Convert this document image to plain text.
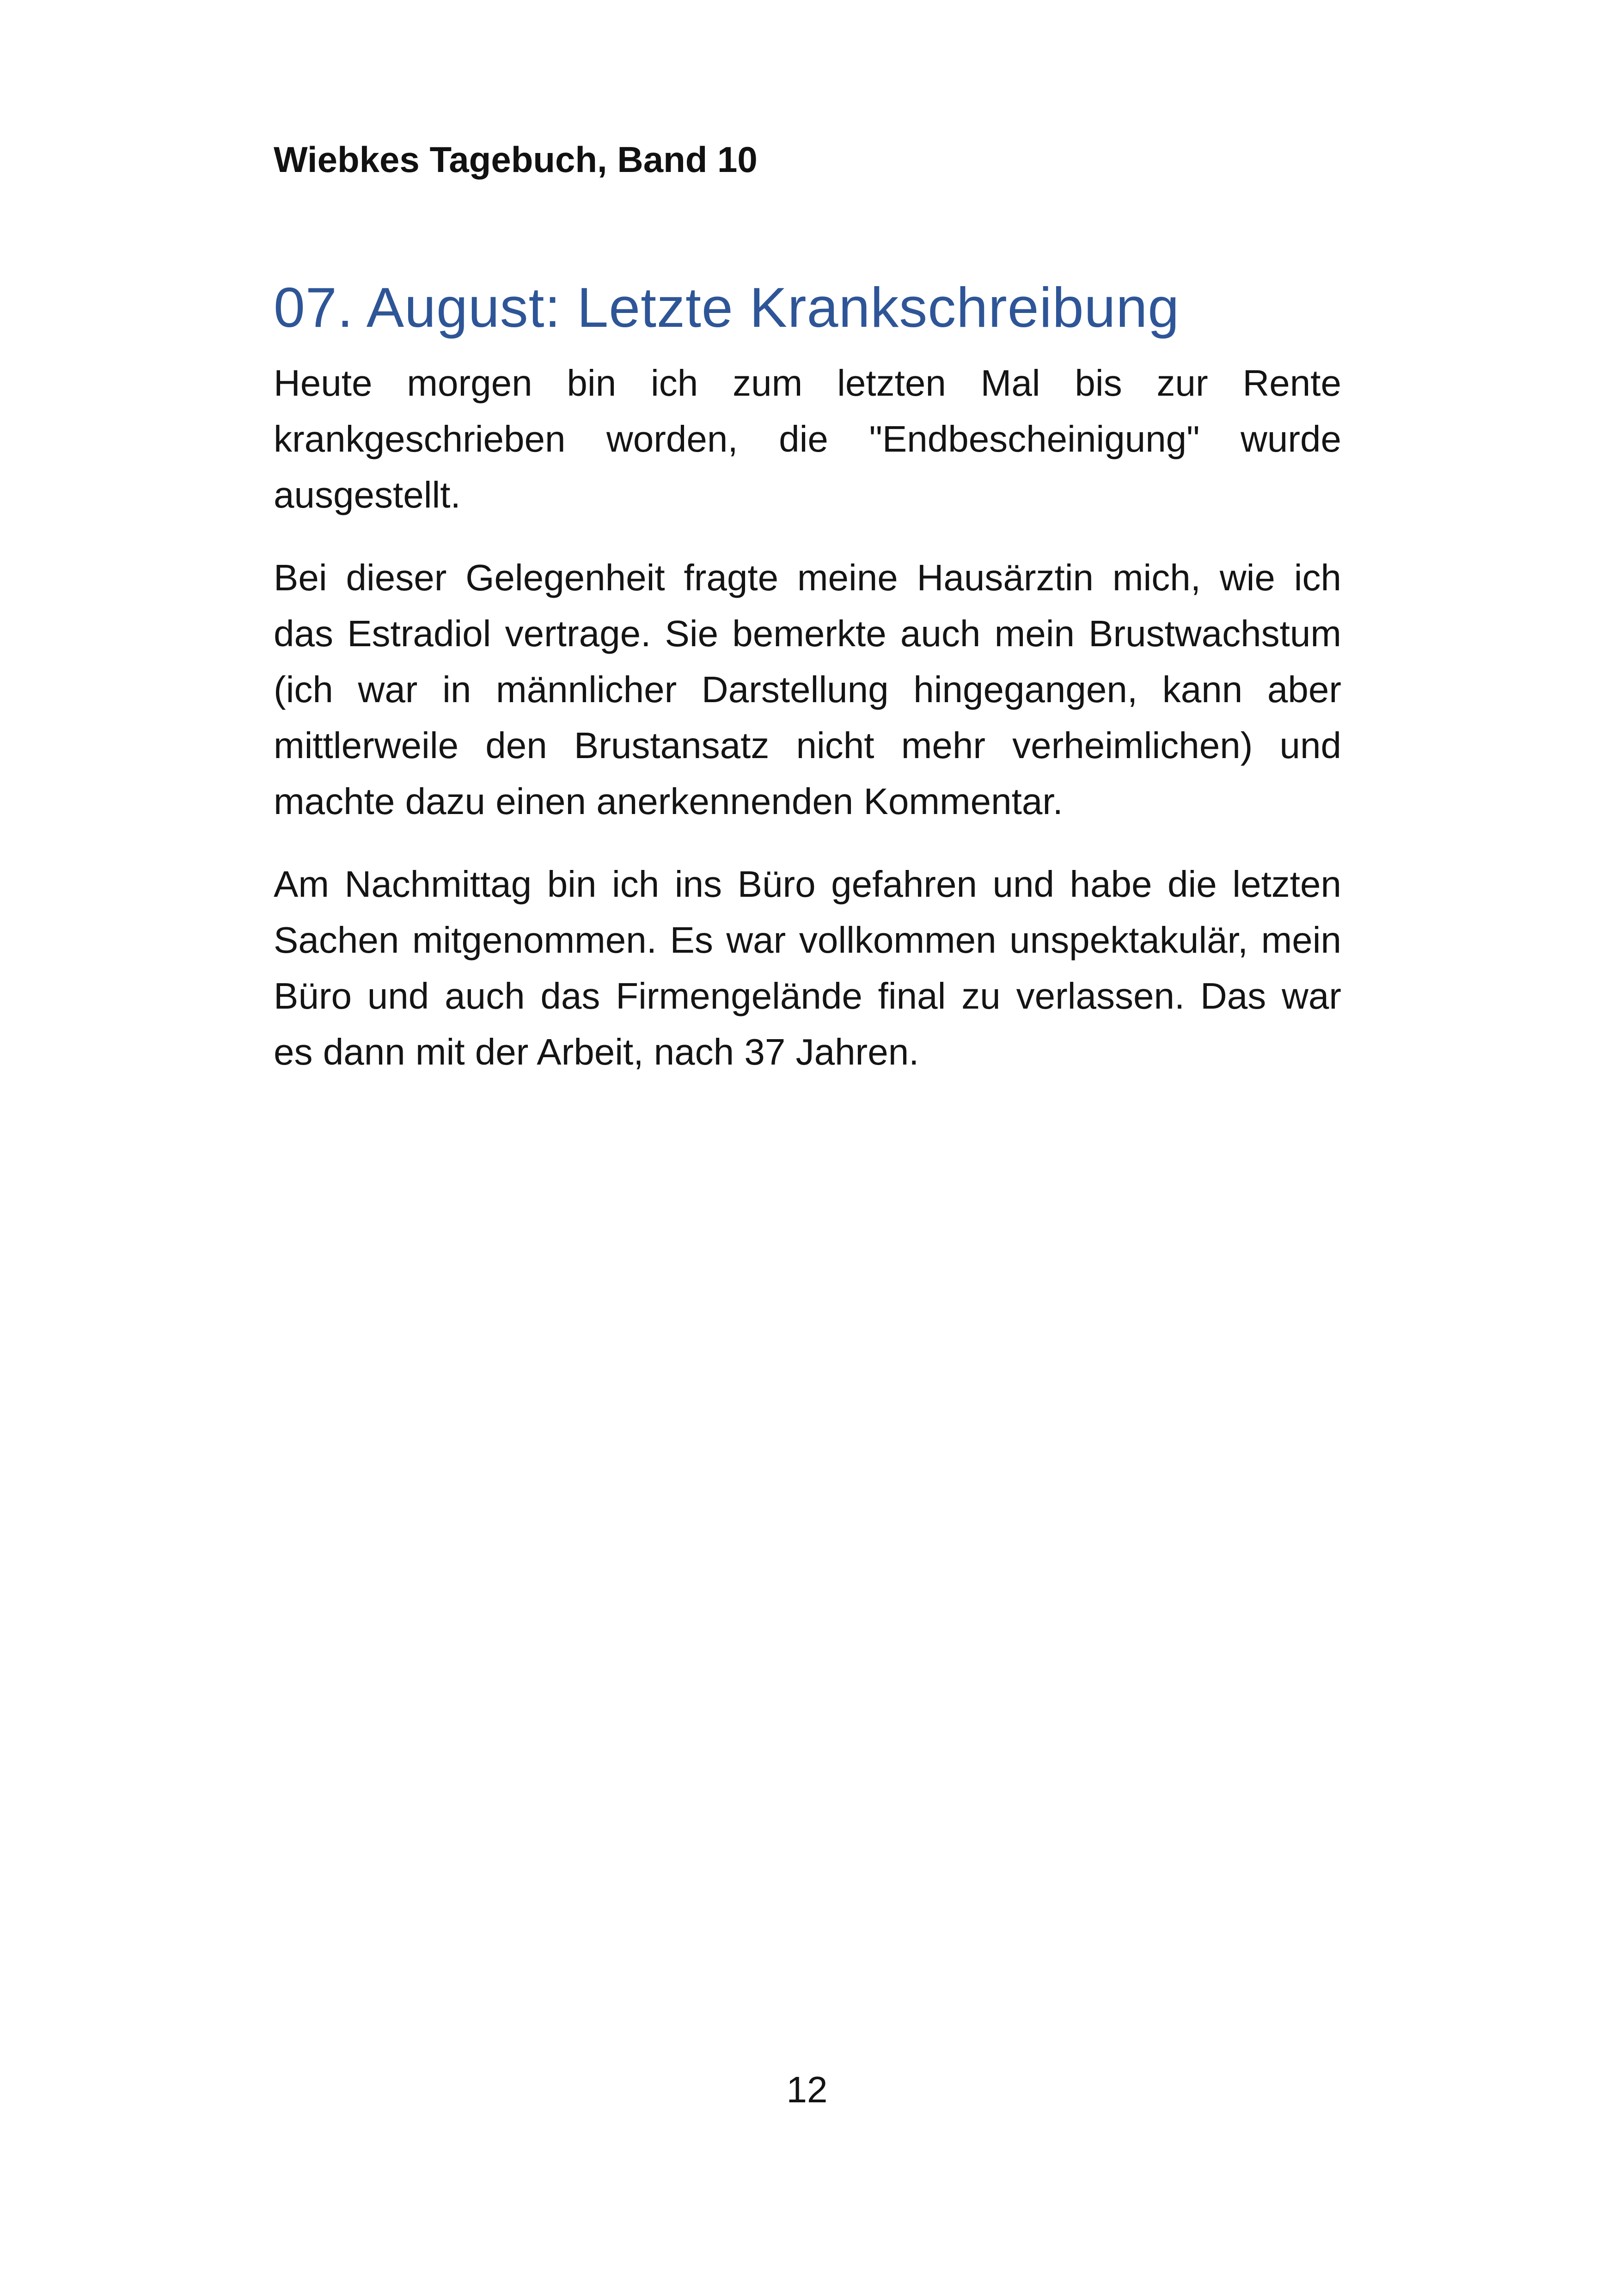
Wiebkes Tagebuch, Band 10
07. August: Letzte Krankschreibung

Heute morgen bin ich zum letzten Mal bis zur Rente krankgeschrieben worden, die "Endbescheinigung" wurde ausgestellt.

Bei dieser Gelegenheit fragte meine Hausärztin mich, wie ich das Estradiol vertrage. Sie bemerkte auch mein Brustwachstum (ich war in männlicher Darstellung hingegangen, kann aber mittlerweile den Brustansatz nicht mehr verheimlichen) und machte dazu einen anerkennenden Kommentar.

Am Nachmittag bin ich ins Büro gefahren und habe die letzten Sachen mitgenommen. Es war vollkommen unspektakulär, mein Büro und auch das Firmengelände final zu verlassen. Das war es dann mit der Arbeit, nach 37 Jahren.

12
